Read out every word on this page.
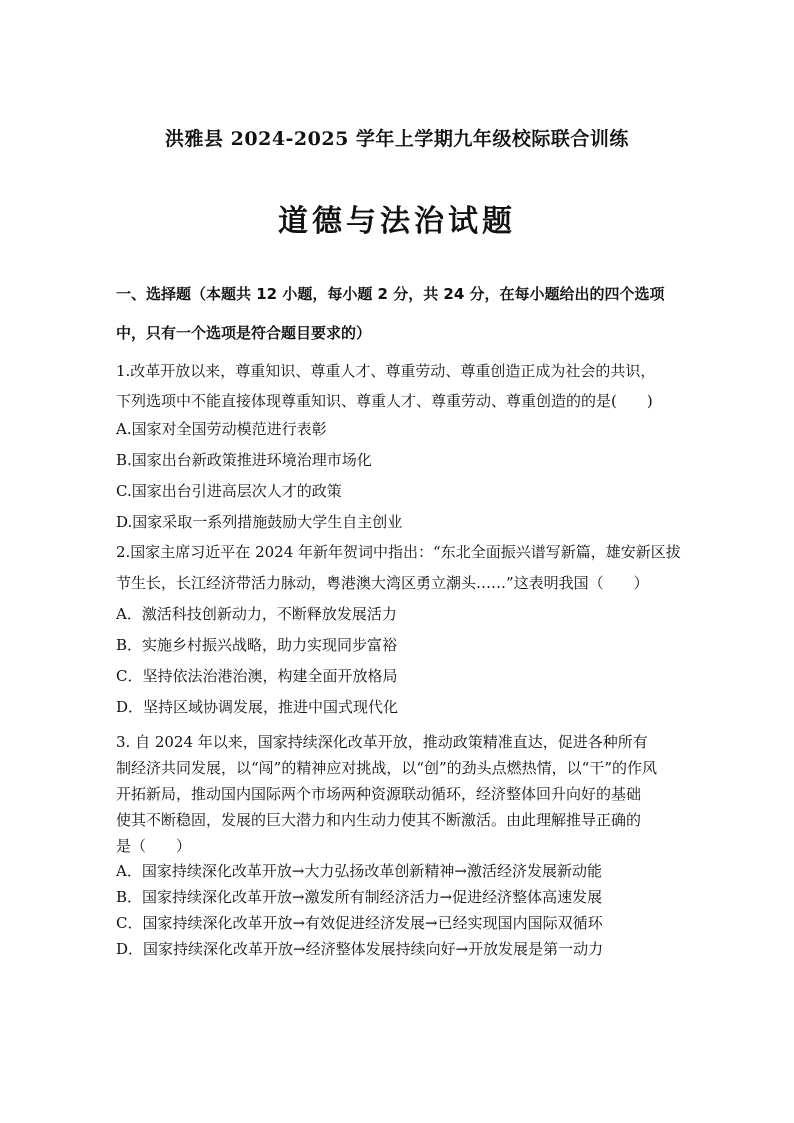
洪雅县 2024-2025 学年上学期九年级校际联合训练
道德与法治试题
一、选择题（本题共 12 小题，每小题 2 分，共 24 分，在每小题给出的四个选项
中，只有一个选项是符合题目要求的）
1.改革开放以来，尊重知识、尊重人才、尊重劳动、尊重创造正成为社会的共识，
下列选项中不能直接体现尊重知识、尊重人才、尊重劳动、尊重创造的的是(　　)
A.国家对全国劳动模范进行表彰
B.国家出台新政策推进环境治理市场化
C.国家出台引进高层次人才的政策
D.国家采取一系列措施鼓励大学生自主创业
2.国家主席习近平在 2024 年新年贺词中指出：“东北全面振兴谱写新篇，雄安新区拔
节生长，长江经济带活力脉动，粤港澳大湾区勇立潮头……”这表明我国（　　）
A．激活科技创新动力，不断释放发展活力
B．实施乡村振兴战略，助力实现同步富裕
C．坚持依法治港治澳，构建全面开放格局
D．坚持区域协调发展，推进中国式现代化
3. 自 2024 年以来，国家持续深化改革开放，推动政策精准直达，促进各种所有
制经济共同发展，以“闯”的精神应对挑战，以“创”的劲头点燃热情，以“干”的作风
开拓新局，推动国内国际两个市场两种资源联动循环，经济整体回升向好的基础
使其不断稳固，发展的巨大潜力和内生动力使其不断激活。由此理解推导正确的
是（　　）
A．国家持续深化改革开放→大力弘扬改革创新精神→激活经济发展新动能
B．国家持续深化改革开放→激发所有制经济活力→促进经济整体高速发展
C．国家持续深化改革开放→有效促进经济发展→已经实现国内国际双循环
D．国家持续深化改革开放→经济整体发展持续向好→开放发展是第一动力
